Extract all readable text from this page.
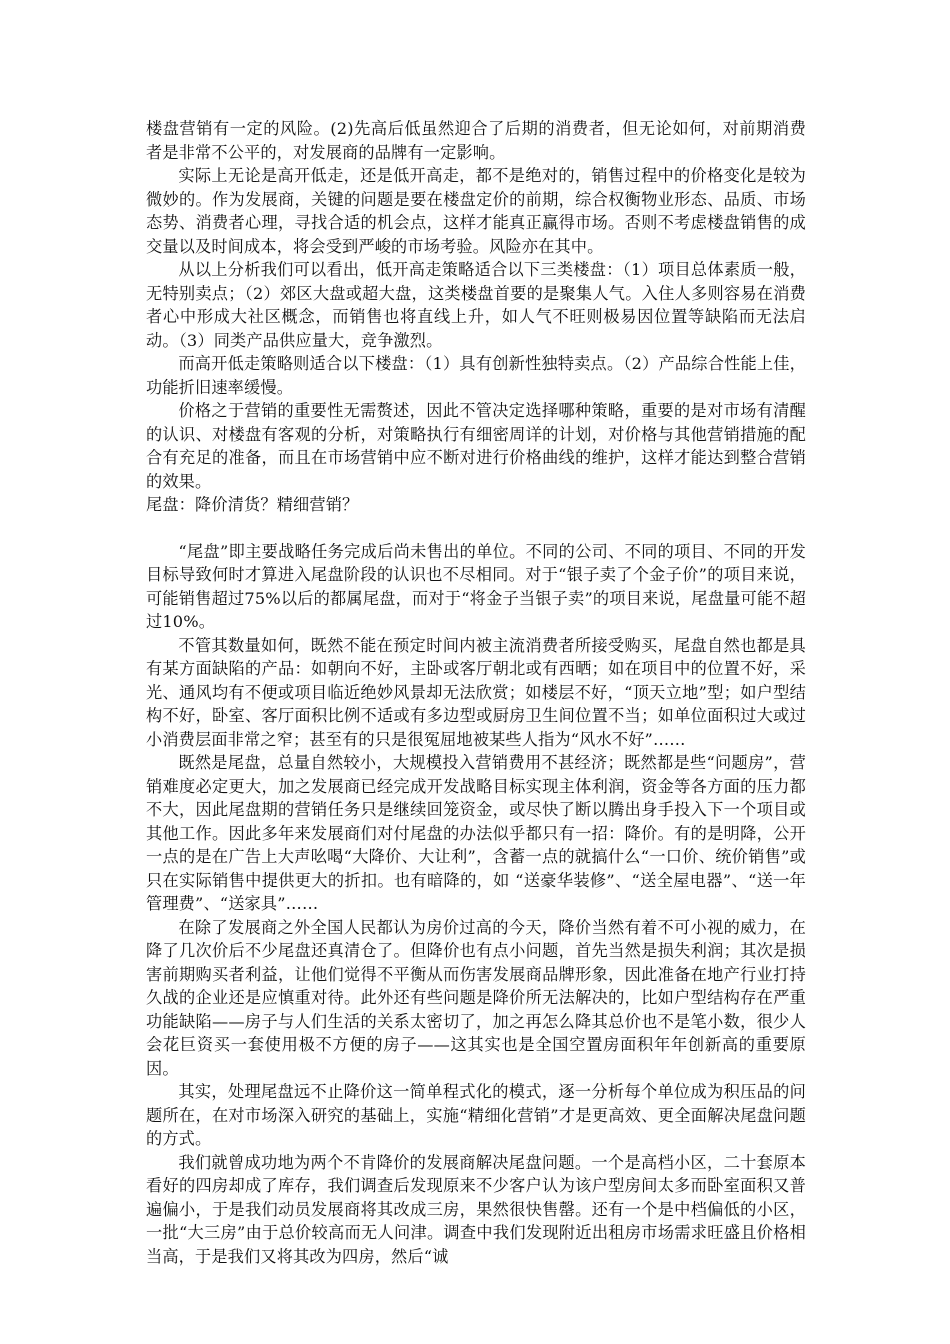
楼盘营销有一定的风险。(2)先高后低虽然迎合了后期的消费者，但无论如何，对前期消费者是非常不公平的，对发展商的品牌有一定影响。

实际上无论是高开低走，还是低开高走，都不是绝对的，销售过程中的价格变化是较为微妙的。作为发展商，关键的问题是要在楼盘定价的前期，综合权衡物业形态、品质、市场态势、消费者心理，寻找合适的机会点，这样才能真正赢得市场。否则不考虑楼盘销售的成交量以及时间成本，将会受到严峻的市场考验。风险亦在其中。

从以上分析我们可以看出，低开高走策略适合以下三类楼盘：（1）项目总体素质一般，无特别卖点；（2）郊区大盘或超大盘，这类楼盘首要的是聚集人气。入住人多则容易在消费者心中形成大社区概念，而销售也将直线上升，如人气不旺则极易因位置等缺陷而无法启动。（3）同类产品供应量大，竞争激烈。

而高开低走策略则适合以下楼盘：（1）具有创新性独特卖点。（2）产品综合性能上佳，功能折旧速率缓慢。

价格之于营销的重要性无需赘述，因此不管决定选择哪种策略，重要的是对市场有清醒的认识、对楼盘有客观的分析，对策略执行有细密周详的计划，对价格与其他营销措施的配合有充足的准备，而且在市场营销中应不断对进行价格曲线的维护，这样才能达到整合营销的效果。

尾盘：降价清货？精细营销？

“尾盘”即主要战略任务完成后尚未售出的单位。不同的公司、不同的项目、不同的开发目标导致何时才算进入尾盘阶段的认识也不尽相同。对于“银子卖了个金子价”的项目来说，可能销售超过75%以后的都属尾盘，而对于“将金子当银子卖”的项目来说，尾盘量可能不超过10%。

不管其数量如何，既然不能在预定时间内被主流消费者所接受购买，尾盘自然也都是具有某方面缺陷的产品：如朝向不好，主卧或客厅朝北或有西晒；如在项目中的位置不好，采光、通风均有不便或项目临近绝妙风景却无法欣赏；如楼层不好，“顶天立地”型；如户型结构不好，卧室、客厅面积比例不适或有多边型或厨房卫生间位置不当；如单位面积过大或过小消费层面非常之窄；甚至有的只是很冤屈地被某些人指为“风水不好”……

既然是尾盘，总量自然较小，大规模投入营销费用不甚经济；既然都是些“问题房”，营销难度必定更大，加之发展商已经完成开发战略目标实现主体利润，资金等各方面的压力都不大，因此尾盘期的营销任务只是继续回笼资金，或尽快了断以腾出身手投入下一个项目或其他工作。因此多年来发展商们对付尾盘的办法似乎都只有一招：降价。有的是明降，公开一点的是在广告上大声吆喝“大降价、大让利”，含蓄一点的就搞什么“一口价、统价销售”或只在实际销售中提供更大的折扣。也有暗降的，如 “送豪华装修”、“送全屋电器”、“送一年管理费”、“送家具”……

在除了发展商之外全国人民都认为房价过高的今天，降价当然有着不可小视的威力，在降了几次价后不少尾盘还真清仓了。但降价也有点小问题，首先当然是损失利润；其次是损害前期购买者利益，让他们觉得不平衡从而伤害发展商品牌形象，因此准备在地产行业打持久战的企业还是应慎重对待。此外还有些问题是降价所无法解决的，比如户型结构存在严重功能缺陷——房子与人们生活的关系太密切了，加之再怎么降其总价也不是笔小数，很少人会花巨资买一套使用极不方便的房子——这其实也是全国空置房面积年年创新高的重要原因。

其实，处理尾盘远不止降价这一简单程式化的模式，逐一分析每个单位成为积压品的问题所在，在对市场深入研究的基础上，实施“精细化营销”才是更高效、更全面解决尾盘问题的方式。

我们就曾成功地为两个不肯降价的发展商解决尾盘问题。一个是高档小区，二十套原本看好的四房却成了库存，我们调查后发现原来不少客户认为该户型房间太多而卧室面积又普遍偏小，于是我们动员发展商将其改成三房，果然很快售罄。还有一个是中档偏低的小区，一批“大三房”由于总价较高而无人问津。调查中我们发现附近出租房市场需求旺盛且价格相当高，于是我们又将其改为四房，然后“诚
